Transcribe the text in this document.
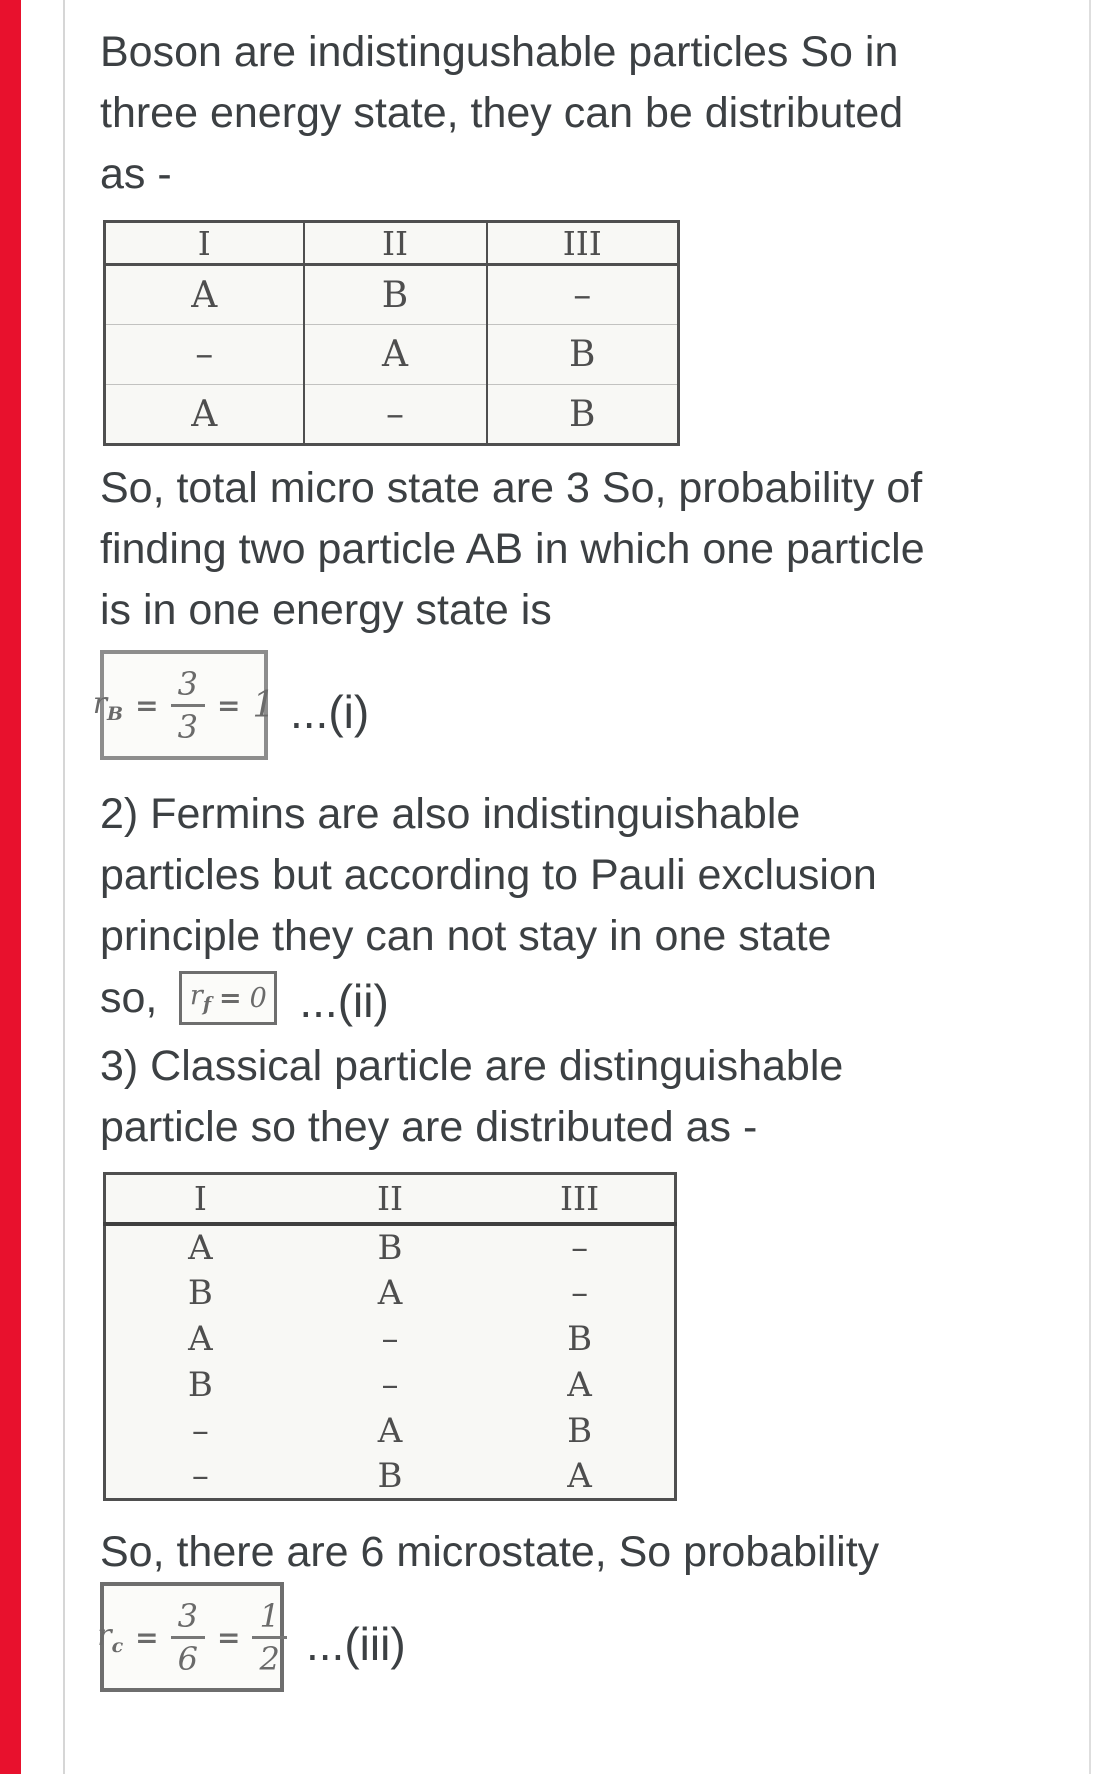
Boson are indistingushable particles So in
three energy state, they can be distributed
as -
I	II	III
A	B	–
–	A	B
A	–	B
So, total micro state are 3 So, probability of
finding two particle AB in which one particle
is in one energy state is
$r_B = \frac{3}{3} = 1$ ...(i)
2) Fermins are also indistinguishable
particles but according to Pauli exclusion
principle they can not stay in one state
so, $r_f = 0$ ...(ii)
3) Classical particle are distinguishable
particle so they are distributed as -
I	II	III
A	B	–
B	A	–
A	–	B
B	–	A
–	A	B
–	B	A
So, there are 6 microstate, So probability
$r_c = \frac{3}{6} = \frac{1}{2} ...(iii)$
